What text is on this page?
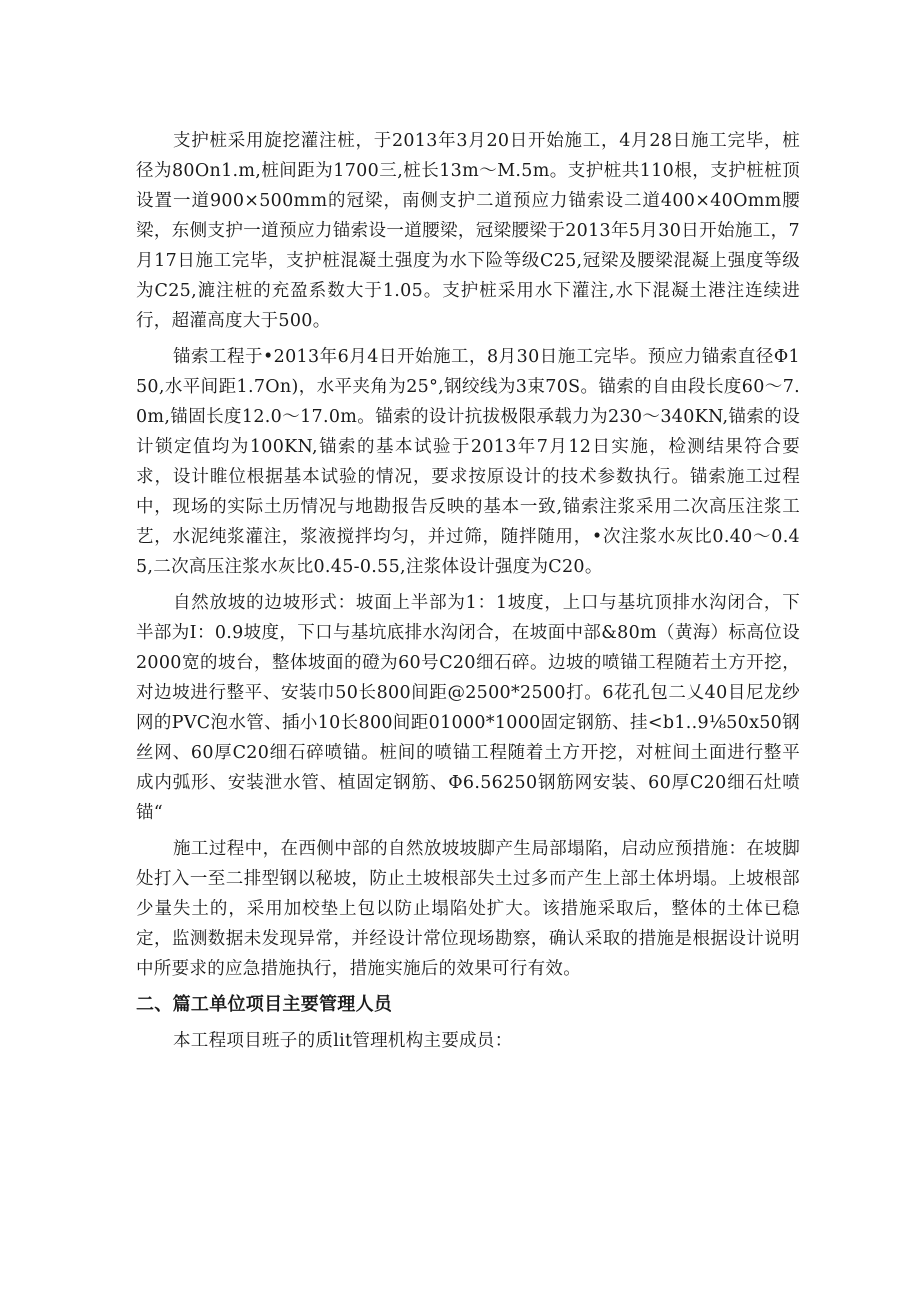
支护桩采用旋挖灌注桩，于2013年3月20日开始施工，4月28日施工完毕，桩径为80On1.m,桩间距为1700三,桩长13m～M.5m。支护桩共110根，支护桩桩顶设置一道900×500mm的冠梁，南侧支护二道预应力锚索设二道400×40Omm腰梁，东侧支护一道预应力锚索设一道腰梁，冠梁腰梁于2013年5月30日开始施工，7月17日施工完毕，支护桩混凝土强度为水下险等级C25,冠梁及腰梁混凝上强度等级为C25,漉注桩的充盈系数大于1.05。支护桩采用水下灌注,水下混凝土港注连续进行，超灌高度大于500。

锚索工程于•2013年6月4日开始施工，8月30日施工完毕。预应力锚索直径Φ150,水平间距1.7On)，水平夹角为25°,钢绞线为3束70S。锚索的自由段长度60～7.0m,锚固长度12.0～17.0m。锚索的设计抗拔极限承载力为230～340KN,锚索的设计锁定值均为100KN,锚索的基本试验于2013年7月12日实施，检测结果符合要求，设计睢位根据基本试验的情况，要求按原设计的技术参数执行。锚索施工过程中，现场的实际土历情况与地勘报告反映的基本一致,锚索注浆采用二次高压注浆工艺，水泥纯浆灌注，浆液搅拌均匀，并过筛，随拌随用，•次注浆水灰比0.40～0.45,二次高压注浆水灰比0.45-0.55,注浆体设计强度为C20。

自然放坡的边坡形式：坡面上半部为1：1坡度，上口与基坑顶排水沟闭合，下半部为I：0.9坡度，下口与基坑底排水沟闭合，在坡面中部&80m（黄海）标高位设2000宽的坡台，整体坡面的磴为60号C20细石碎。边坡的喷锚工程随若土方开挖，对边坡进行整平、安装巾50长800间距@2500*2500打。6花孔包二乂40目尼龙纱网的PVC泡水管、插小10长800间距01000*1000固定钢筋、挂<b1..9⅛50x50钢丝网、60厚C20细石碎喷锚。桩间的喷锚工程随着土方开挖，对桩间土面进行整平成内弧形、安装泄水管、植固定钢筋、Φ6.56250钢筋网安装、60厚C20细石灶喷锚“

施工过程中，在西侧中部的自然放坡坡脚产生局部塌陷，启动应预措施：在坡脚处打入一至二排型钢以秘坡，防止土坡根部失土过多而产生上部土体坍塌。上坡根部少量失土的，采用加校垫上包以防止塌陷处扩大。该措施采取后，整体的土体已稳定，监测数据未发现异常，并经设计常位现场勘察，确认采取的措施是根据设计说明中所要求的应急措施执行，措施实施后的效果可行有效。

二、篇工单位项目主要管理人员

本工程项目班子的质lit管理机构主要成员：
